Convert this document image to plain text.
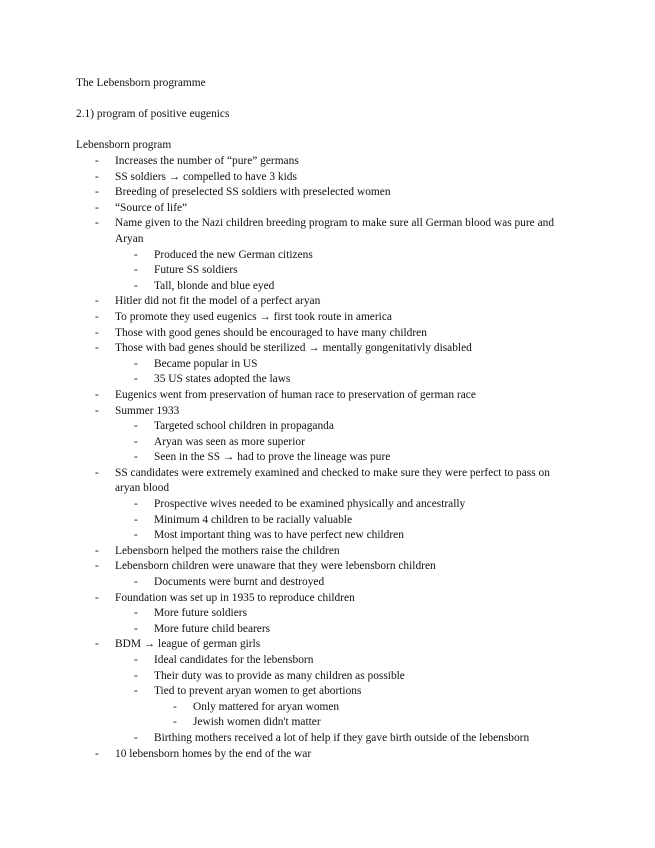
The Lebensborn programme
2.1) program of positive eugenics
Lebensborn program
- Increases the number of “pure” germans
- SS soldiers → compelled to have 3 kids
- Breeding of preselected SS soldiers with preselected women
- “Source of life”
- Name given to the Nazi children breeding program to make sure all German blood was pure and Aryan
- Produced the new German citizens
- Future SS soldiers
- Tall, blonde and blue eyed
- Hitler did not fit the model of a perfect aryan
- To promote they used eugenics → first took route in america
- Those with good genes should be encouraged to have many children
- Those with bad genes should be sterilized → mentally gongenitativly disabled
- Became popular in US
- 35 US states adopted the laws
- Eugenics went from preservation of human race to preservation of german race
- Summer 1933
- Targeted school children in propaganda
- Aryan was seen as more superior
- Seen in the SS → had to prove the lineage was pure
- SS candidates were extremely examined and checked to make sure they were perfect to pass on aryan blood
- Prospective wives needed to be examined physically and ancestrally
- Minimum 4 children to be racially valuable
- Most important thing was to have perfect new children
- Lebensborn helped the mothers raise the children
- Lebensborn children were unaware that they were lebensborn children
- Documents were burnt and destroyed
- Foundation was set up in 1935 to reproduce children
- More future soldiers
- More future child bearers
- BDM → league of german girls
- Ideal candidates for the lebensborn
- Their duty was to provide as many children as possible
- Tied to prevent aryan women to get abortions
- Only mattered for aryan women
- Jewish women didn't matter
- Birthing mothers received a lot of help if they gave birth outside of the lebensborn
- 10 lebensborn homes by the end of the war
